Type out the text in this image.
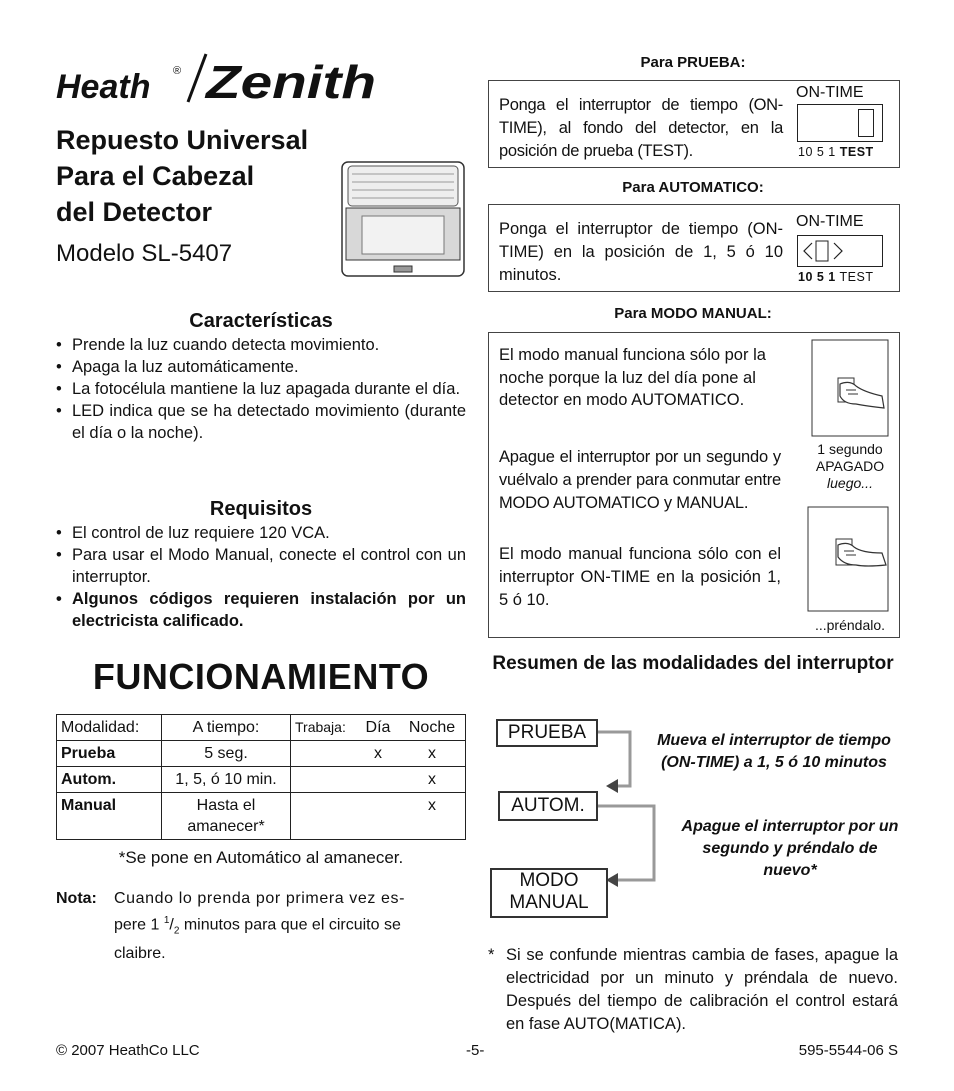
Heath ® Zenith
Repuesto Universal
Para el Cabezal
del Detector
Modelo SL-5407
Características
• Prende la luz cuando detecta movimiento.
• Apaga la luz automáticamente.
• La fotocélula mantiene la luz apagada durante el día.
• LED indica que se ha detectado movimiento (durante el día o la noche).
Requisitos
• El control de luz requiere 120 VCA.
• Para usar el Modo Manual, conecte el control con un interruptor.
• Algunos códigos requieren instalación por un electricista calificado.
FUNCIONAMIENTO
Modalidad:	A tiempo:	Trabaja:	Día	Noche
Prueba	5 seg.		x	x
Autom.	1, 5, ó 10 min.			x
Manual	Hasta el amanecer*			x
*Se pone en Automático al amanecer.
Nota: Cuando lo prenda por primera vez es-
pere 1 $^1/_2$ minutos para que el circuito se
claibre.
Para PRUEBA:
Ponga el interruptor de tiempo (ON-TIME), al fondo del detector, en la posición de prueba (TEST).
ON-TIME
10 5 1 TEST
Para AUTOMATICO:
Ponga el interruptor de tiempo (ON-TIME) en la posición de 1, 5 ó 10 minutos.
ON-TIME
10 5 1 TEST
Para MODO MANUAL:
El modo manual funciona sólo por la noche porque la luz del día pone al detector en modo AUTOMATICO.
Apague el interruptor por un segundo y vuélvalo a prender para conmutar entre MODO AUTOMATICO y MANUAL.
El modo manual funciona sólo con el interruptor ON-TIME en la posición 1, 5 ó 10.
1 segundo
APAGADO
luego...
...préndalo.
Resumen de las modalidades del interruptor
PRUEBA
AUTOM.
MODO
MANUAL
Mueva el interruptor de tiempo (ON-TIME) a 1, 5 ó 10 minutos
Apague el interruptor por un segundo y préndalo de nuevo*
* Si se confunde mientras cambia de fases, apague la electricidad por un minuto y préndala de nuevo. Después del tiempo de calibración el control estará en fase AUTO(MATICA).
© 2007 HeathCo LLC	-5-	595-5544-06 S
